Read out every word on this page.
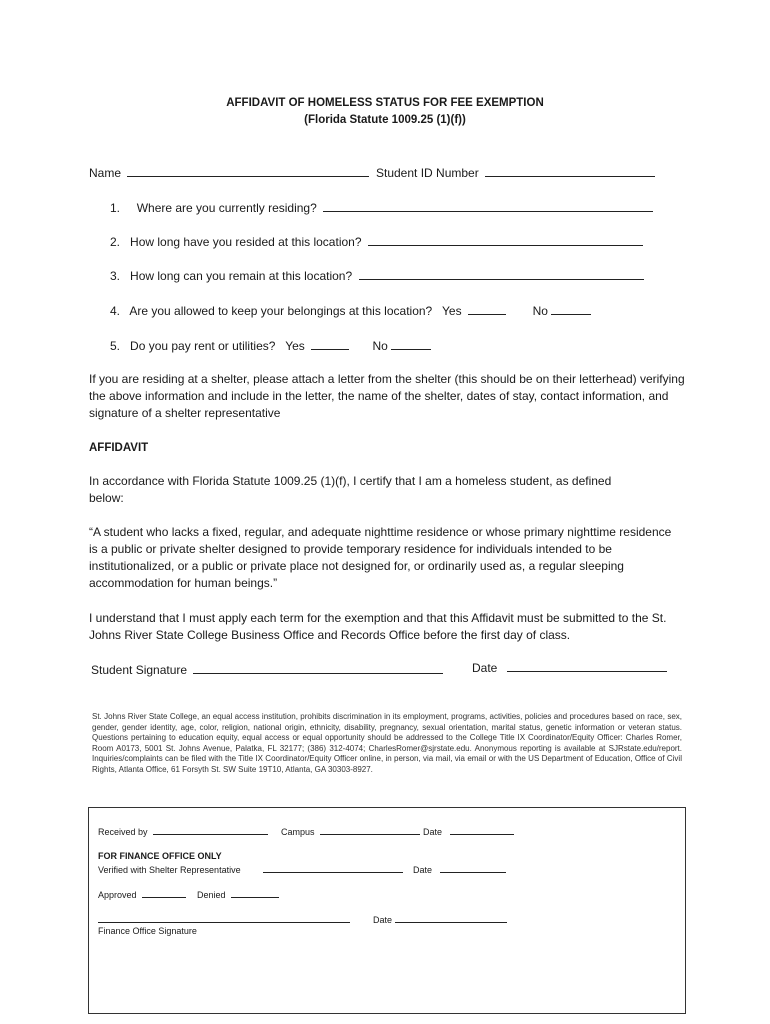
AFFIDAVIT OF HOMELESS STATUS FOR FEE EXEMPTION
(Florida Statute 1009.25 (1)(f))
Name	Student ID Number
1. Where are you currently residing?
2. How long have you resided at this location?
3. How long can you remain at this location?
4. Are you allowed to keep your belongings at this location? Yes	No
5. Do you pay rent or utilities? Yes	No
If you are residing at a shelter, please attach a letter from the shelter (this should be on their letterhead) verifying the above information and include in the letter, the name of the shelter, dates of stay, contact information, and signature of a shelter representative
AFFIDAVIT
In accordance with Florida Statute 1009.25 (1)(f), I certify that I am a homeless student, as defined below:
“A student who lacks a fixed, regular, and adequate nighttime residence or whose primary nighttime residence is a public or private shelter designed to provide temporary residence for individuals intended to be institutionalized, or a public or private place not designed for, or ordinarily used as, a regular sleeping accommodation for human beings.”
I understand that I must apply each term for the exemption and that this Affidavit must be submitted to the St. Johns River State College Business Office and Records Office before the first day of class.
Student Signature	Date
St. Johns River State College, an equal access institution, prohibits discrimination in its employment, programs, activities, policies and procedures based on race, sex, gender, gender identity, age, color, religion, national origin, ethnicity, disability, pregnancy, sexual orientation, marital status, genetic information or veteran status. Questions pertaining to education equity, equal access or equal opportunity should be addressed to the College Title IX Coordinator/Equity Officer: Charles Romer, Room A0173, 5001 St. Johns Avenue, Palatka, FL 32177; (386) 312-4074; CharlesRomer@sjrstate.edu. Anonymous reporting is available at SJRstate.edu/report. Inquiries/complaints can be filed with the Title IX Coordinator/Equity Officer online, in person, via mail, via email or with the US Department of Education, Office of Civil Rights, Atlanta Office, 61 Forsyth St. SW Suite 19T10, Atlanta, GA 30303-8927.
Received by	Campus	Date
FOR FINANCE OFFICE ONLY
Verified with Shelter Representative	Date
Approved	Denied
Date
Finance Office Signature
